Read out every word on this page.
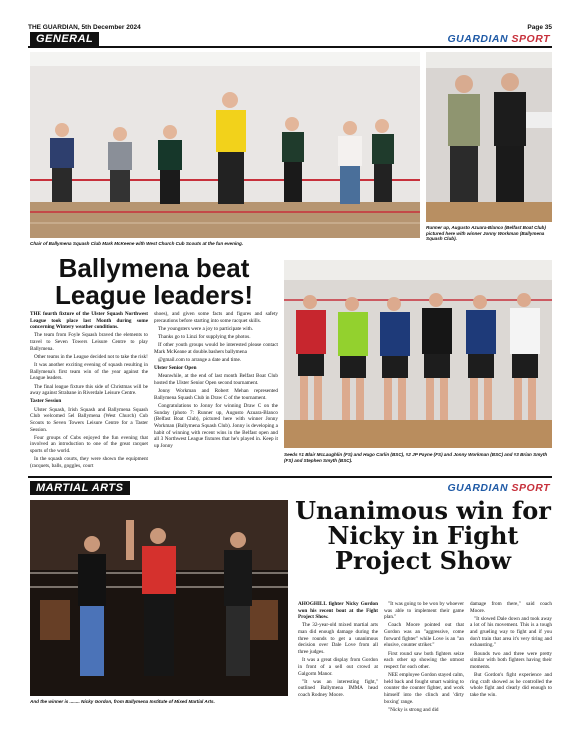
THE GUARDIAN, 5th December 2024	Page 35
GENERAL	GUARDIAN SPORT
Chair of Ballymena Squash Club Mark McKeene with West Church Cub Scouts at the fun evening.
Runner up, Augusto Azuara-Blanco (Belfast Boat Club) pictured here with winner Jonny Workman (Ballymena Squash Club).
Ballymena beat League leaders!

THE fourth fixture of the Ulster Squash Northwest League took place last Month during some concerning Wintery weather conditions.

The team from Foyle Squash braved the elements to travel to Seven Towers Leisure Centre to play Ballymena.

Other teams in the League decided not to take the risk!

It was another exciting evening of squash resulting in Ballymena's first team win of the year against the League leaders.

The final league fixture this side of Christmas will be away against Strabane in Riverdale Leisure Centre.

Taster Session

Ulster Squash, Irish Squash and Ballymena Squash Club welcomed 5el Ballymena (West Church) Cub Scouts to Seven Towers Leisure Centre for a Taster Session.

Four groups of Cubs enjoyed the fun evening that involved an introduction to one of the great racquet sports of the world.

In the squash courts, they were shown the equipment (racquets, balls, goggles, court

shoes), and given some facts and figures and safety precautions before starting into some racquet skills.

The youngsters were a joy to participate with.

Thanks go to Linzi for supplying the photos.

If other youth groups would be interested please contact Mark McKeane at double.bashers ballymena

@gmail.com to arrange a date and time.

Ulster Senior Open

Meanwhile, at the end of last month Belfast Boat Club hosted the Ulster Senior Open second tournament.

Jonny Workman and Robert Mehan represented Ballymena Squash Club in Draw C of the tournament.

Congratulations to Jonny for winning Draw C on the Sunday (photo 7: Runner up, Augusto Azuara-Blanco (Belfast Boat Club), pictured here with winner Jonny Workman (Ballymena Squash Club). Jonny is developing a habit of winning with recent wins in the Belfast open and all 3 Northwest League fixtures that he's played in. Keep it up Jonny

Seeds #1 Blair McLaughlin (FS) and Hugo Carlin (BSC), #2 JP Payne (FS) and Jonny Workman (BSC) and #3 Brian Smyth (FS) and Stephen Smyth (BSC).
MARTIAL ARTS	GUARDIAN SPORT
And the winner is ........ Nicky Gordon, from Ballymena Institute of Mixed Martial Arts.
Unanimous win for Nicky in Fight Project Show

AHOGHILL fighter Nicky Gordon won his recent bout at the Fight Project Show.

The 32-year-old mixed martial arts man did enough damage during the three rounds to get a unanimous decision over Dale Love from all three judges.

It was a great display from Gordon in front of a sell out crowd at Galgorm Manor.

"It was an interesting fight," outlined Ballymena IMMA head coach Rodney Moore.

"It was going to be won by whoever was able to implement their game plan."

Coach Moore pointed out that Gordon was an "aggressive, come forward fighter" while Love is an "an elusive, counter striker."

First round saw both fighters seize each other up showing the utmost respect for each other.

NEE employee Gordon stayed calm, held back and fought smart waiting to counter the counter fighter, and work himself into the clinch and 'dirty boxing' range.

"Nicky is strong and did

damage from there," said coach Moore.

"It slowed Dale down and took away a lot of his movement. This is a tough and grueling way to fight and if you don't train that area it's very tiring and exhausting."

Rounds two and three were pretty similar with both fighters having their moments.

But Gordon's fight experience and ring craft showed as he controlled the whole fight and clearly did enough to take the win.
